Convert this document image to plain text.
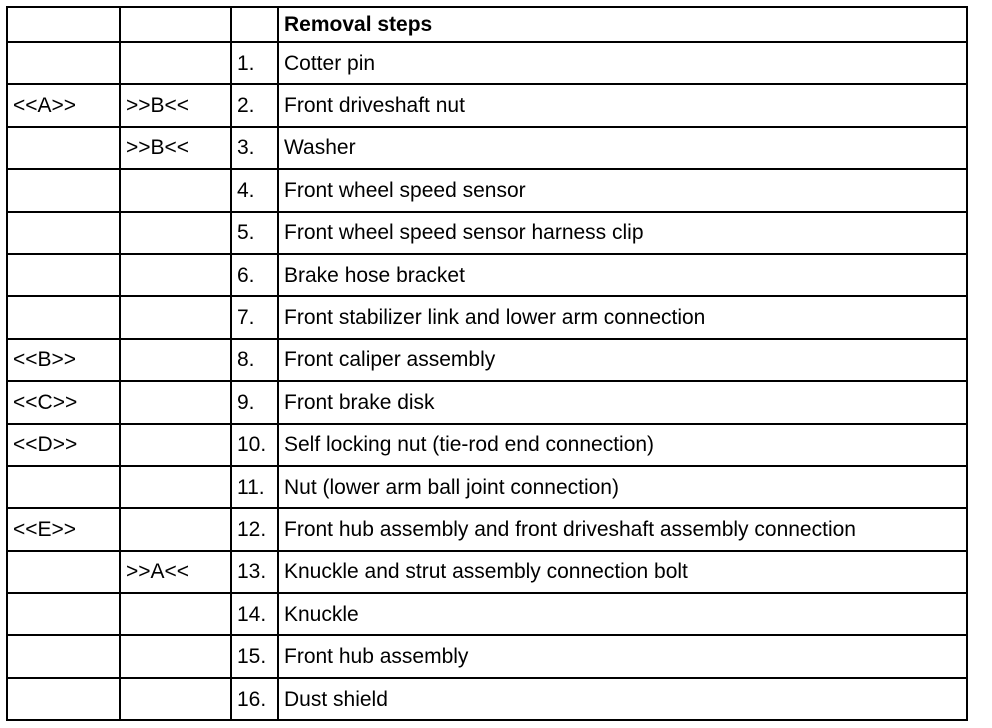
			Removal steps
		1.	Cotter pin
<<A>>	>>B<<	2.	Front driveshaft nut
	>>B<<	3.	Washer
		4.	Front wheel speed sensor
		5.	Front wheel speed sensor harness clip
		6.	Brake hose bracket
		7.	Front stabilizer link and lower arm connection
<<B>>		8.	Front caliper assembly
<<C>>		9.	Front brake disk
<<D>>		10.	Self locking nut (tie-rod end connection)
		11.	Nut (lower arm ball joint connection)
<<E>>		12.	Front hub assembly and front driveshaft assembly connection
	>>A<<	13.	Knuckle and strut assembly connection bolt
		14.	Knuckle
		15.	Front hub assembly
		16.	Dust shield
